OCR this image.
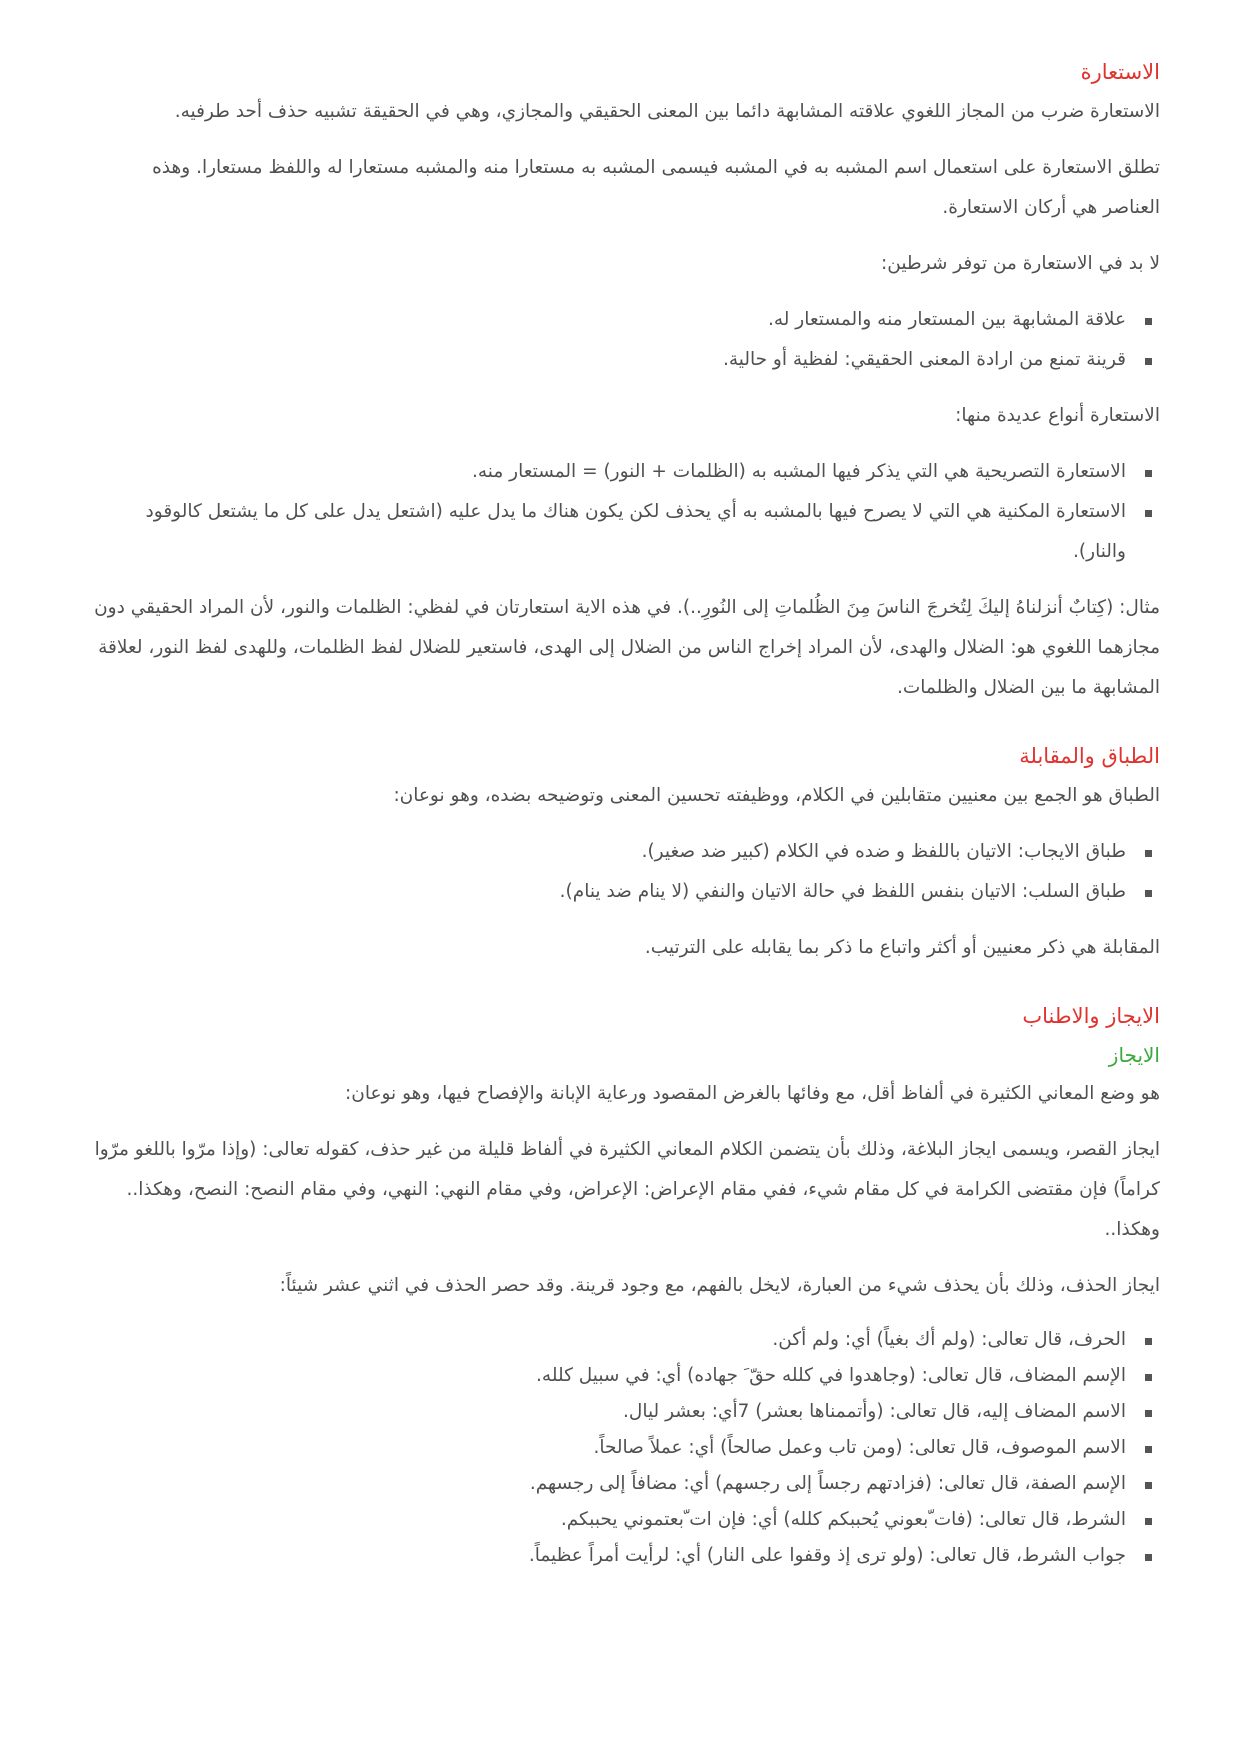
الاستعارة

الاستعارة ضرب من المجاز اللغوي علاقته المشابهة دائما بين المعنى الحقيقي والمجازي، وهي في الحقيقة تشبيه حذف أحد طرفيه.

تطلق الاستعارة على استعمال اسم المشبه به في المشبه فيسمى المشبه به مستعارا منه والمشبه مستعارا له واللفظ مستعارا. وهذه العناصر هي أركان الاستعارة.

لا بد في الاستعارة من توفر شرطين:

علاقة المشابهة بين المستعار منه والمستعار له.
قرينة تمنع من ارادة المعنى الحقيقي: لفظية أو حالية.

الاستعارة أنواع عديدة منها:

الاستعارة التصريحية هي التي يذكر فيها المشبه به (الظلمات + النور) = المستعار منه.
الاستعارة المكنية هي التي لا يصرح فيها بالمشبه به أي يحذف لكن يكون هناك ما يدل عليه (اشتعل يدل على كل ما يشتعل كالوقود والنار).

مثال: (كِتابٌ أنزلناهُ إليكَ لِتُخرجَ الناسَ مِنَ الظُلماتِ إلى النُورِ..). في هذه الاية استعارتان في لفظي: الظلمات والنور، لأن المراد الحقيقي دون مجازهما اللغوي هو: الضلال والهدى، لأن المراد إخراج الناس من الضلال إلى الهدى، فاستعير للضلال لفظ الظلمات، وللهدى لفظ النور، لعلاقة المشابهة ما بين الضلال والظلمات.

الطباق والمقابلة

الطباق هو الجمع بين معنيين متقابلين في الكلام، ووظيفته تحسين المعنى وتوضيحه بضده، وهو نوعان:

طباق الايجاب: الاتيان باللفظ و ضده في الكلام (كبير ضد صغير).
طباق السلب: الاتيان بنفس اللفظ في حالة الاتيان والنفي (لا ينام ضد ينام).

المقابلة هي ذكر معنيين أو أكثر واتباع ما ذكر بما يقابله على الترتيب.

الايجاز والاطناب
الايجاز

هو وضع المعاني الكثيرة في ألفاظ أقل، مع وفائها بالغرض المقصود ورعاية الإبانة والإفصاح فيها، وهو نوعان:

ايجاز القصر، ويسمى ايجاز البلاغة، وذلك بأن يتضمن الكلام المعاني الكثيرة في ألفاظ قليلة من غير حذف، كقوله تعالى: (وإذا مرّوا باللغو مرّوا كراماً) فإن مقتضى الكرامة في كل مقام شيء، ففي مقام الإعراض: الإعراض، وفي مقام النهي: النهي، وفي مقام النصح: النصح، وهكذا.. وهكذا..

ايجاز الحذف، وذلك بأن يحذف شيء من العبارة، لايخل بالفهم، مع وجود قرينة. وقد حصر الحذف في اثني عشر شيئاً:

الحرف، قال تعالى: (ولم أك بغياً) أي: ولم أكن.
الإسم المضاف، قال تعالى: (وجاهدوا في كلله حقّ َ جهاده) أي: في سبيل كلله.
الاسم المضاف إليه، قال تعالى: (وأتممناها بعشر) 7أي: بعشر ليال.
الاسم الموصوف، قال تعالى: (ومن تاب وعمل صالحاً) أي: عملاً صالحاً.
الإسم الصفة، قال تعالى: (فزادتهم رجساً إلى رجسهم) أي: مضافاً إلى رجسهم.
الشرط، قال تعالى: (فات ّبعوني يُحببكم كلله) أي: فإن ات ّبعتموني يحببكم.
جواب الشرط، قال تعالى: (ولو ترى إذ وقفوا على النار) أي: لرأيت أمراً عظيماً.
